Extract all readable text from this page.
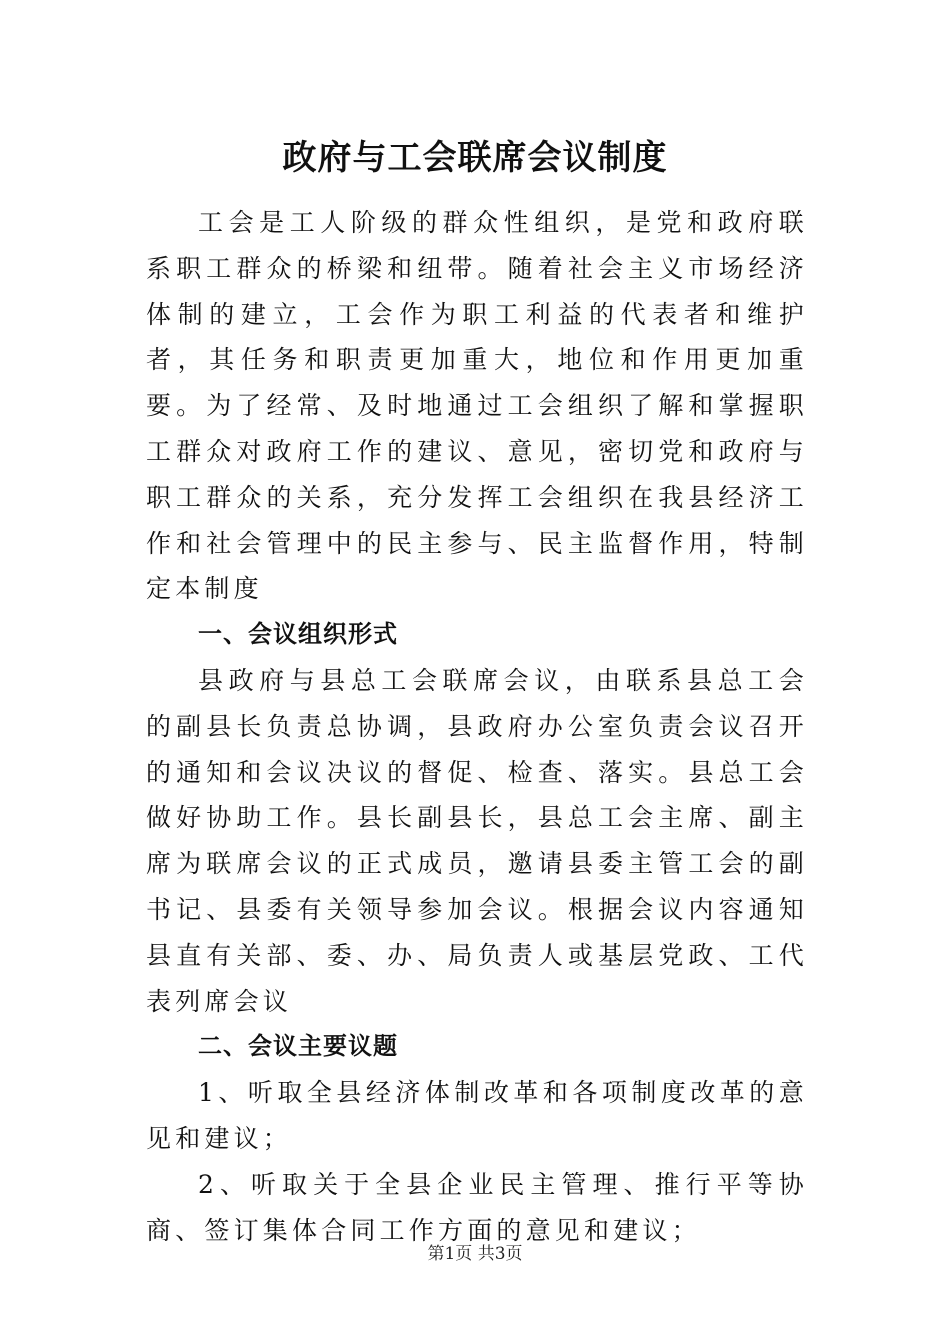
政府与工会联席会议制度

工会是工人阶级的群众性组织，是党和政府联系职工群众的桥梁和纽带。随着社会主义市场经济体制的建立，工会作为职工利益的代表者和维护者，其任务和职责更加重大，地位和作用更加重要。为了经常、及时地通过工会组织了解和掌握职工群众对政府工作的建议、意见，密切党和政府与职工群众的关系，充分发挥工会组织在我县经济工作和社会管理中的民主参与、民主监督作用，特制定本制度

一、会议组织形式

县政府与县总工会联席会议，由联系县总工会的副县长负责总协调，县政府办公室负责会议召开的通知和会议决议的督促、检查、落实。县总工会做好协助工作。县长副县长，县总工会主席、副主席为联席会议的正式成员，邀请县委主管工会的副书记、县委有关领导参加会议。根据会议内容通知县直有关部、委、办、局负责人或基层党政、工代表列席会议

二、会议主要议题

1、听取全县经济体制改革和各项制度改革的意见和建议；

2、听取关于全县企业民主管理、推行平等协商、签订集体合同工作方面的意见和建议；

第1页 共3页
